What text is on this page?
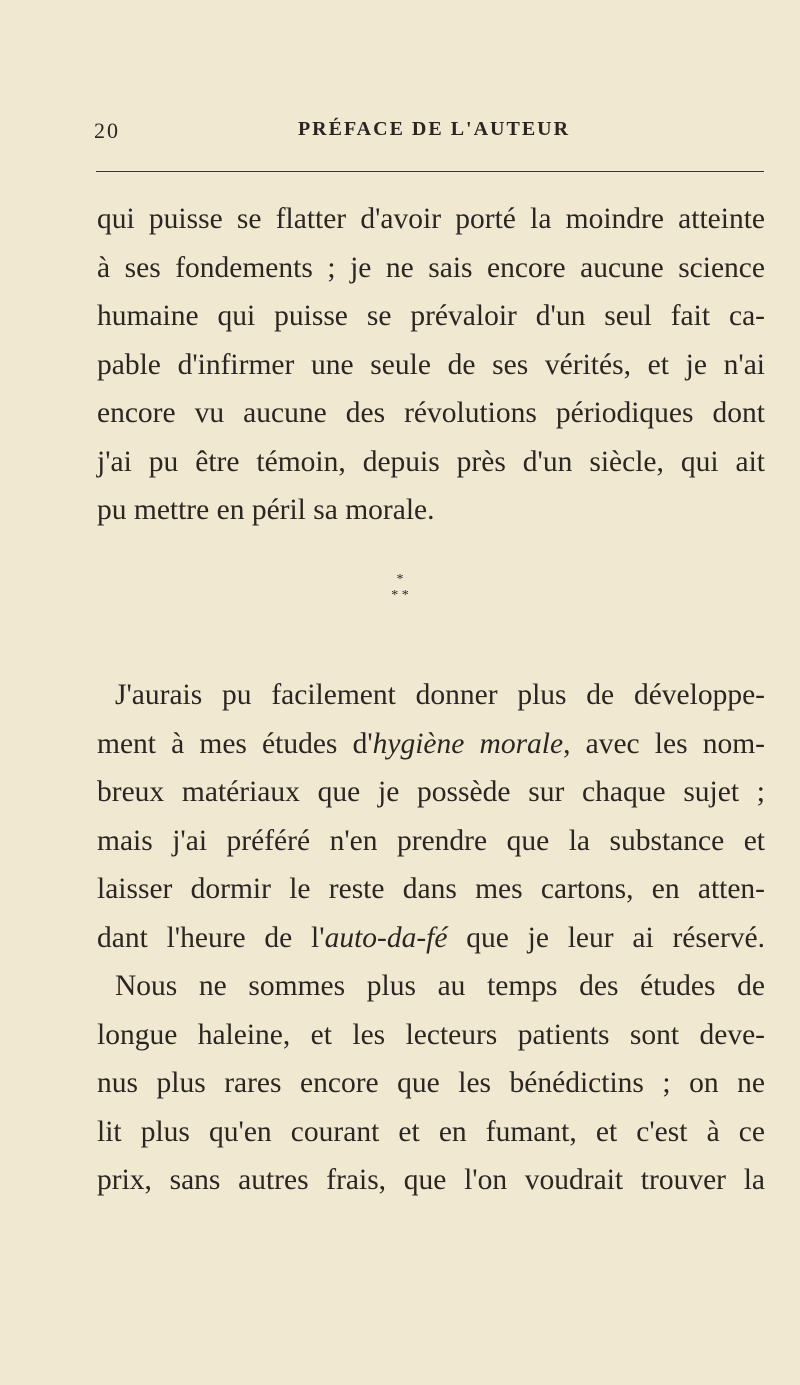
20	PRÉFACE DE L'AUTEUR
qui puisse se flatter d'avoir porté la moindre atteinte
à ses fondements ; je ne sais encore aucune science
humaine qui puisse se prévaloir d'un seul fait ca-
pable d'infirmer une seule de ses vérités, et je n'ai
encore vu aucune des révolutions périodiques dont
j'ai pu être témoin, depuis près d'un siècle, qui ait
pu mettre en péril sa morale.
*
* *
J'aurais pu facilement donner plus de développe-
ment à mes études d'hygiène morale, avec les nom-
breux matériaux que je possède sur chaque sujet ;
mais j'ai préféré n'en prendre que la substance et
laisser dormir le reste dans mes cartons, en atten-
dant l'heure de l'auto-da-fé que je leur ai réservé.
Nous ne sommes plus au temps des études de
longue haleine, et les lecteurs patients sont deve-
nus plus rares encore que les bénédictins ; on ne
lit plus qu'en courant et en fumant, et c'est à ce
prix, sans autres frais, que l'on voudrait trouver la
